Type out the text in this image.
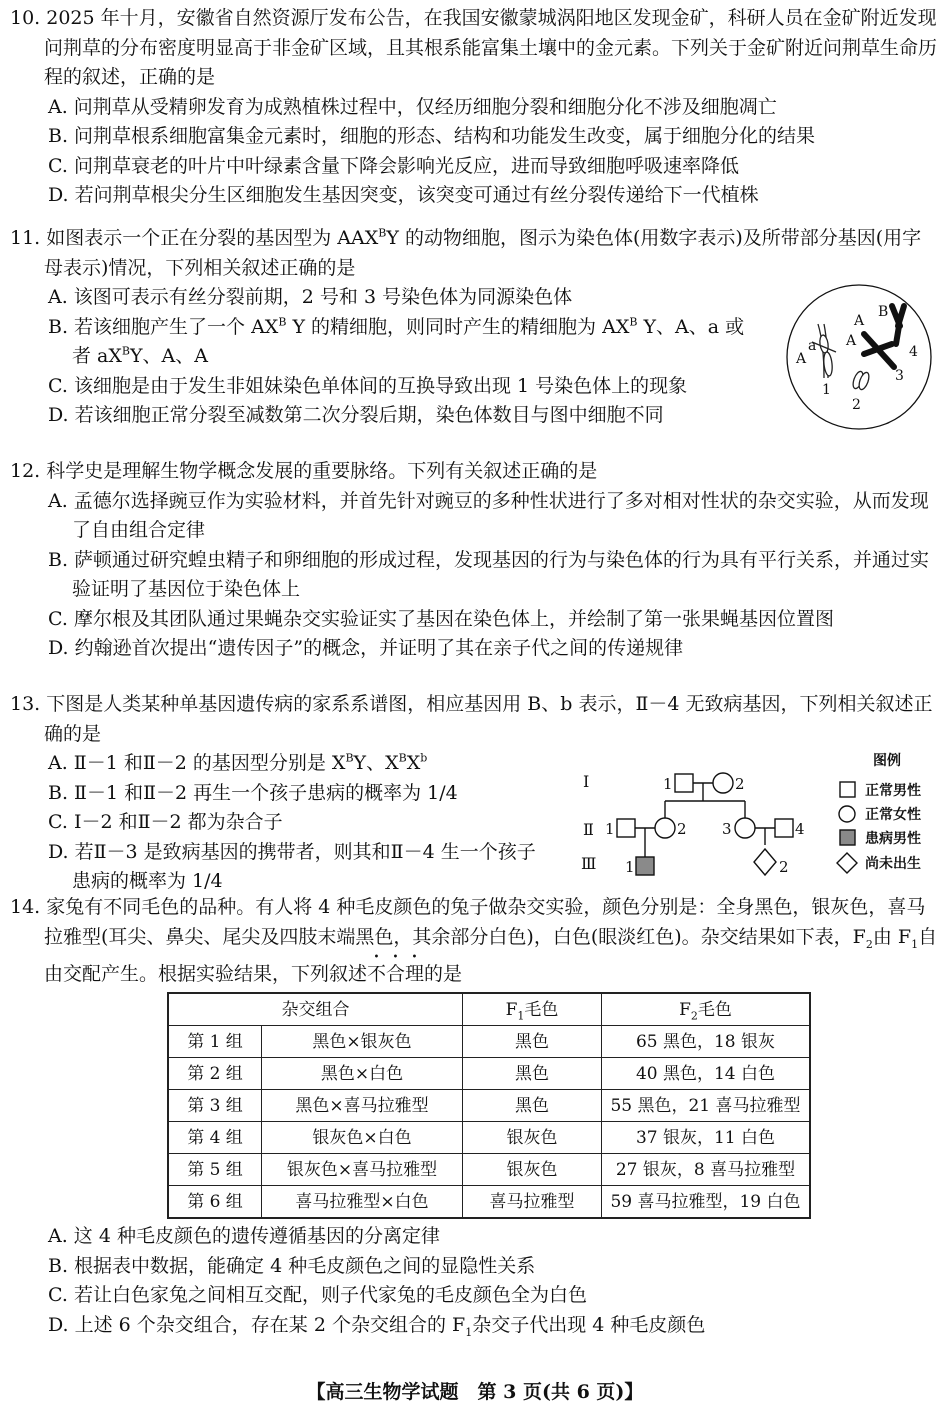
10. 2025 年十月，安徽省自然资源厅发布公告，在我国安徽蒙城涡阳地区发现金矿，科研人员在金矿附近发现问荆草的分布密度明显高于非金矿区域，且其根系能富集土壤中的金元素。下列关于金矿附近问荆草生命历程的叙述，正确的是

A. 问荆草从受精卵发育为成熟植株过程中，仅经历细胞分裂和细胞分化不涉及细胞凋亡

B. 问荆草根系细胞富集金元素时，细胞的形态、结构和功能发生改变，属于细胞分化的结果

C. 问荆草衰老的叶片中叶绿素含量下降会影响光反应，进而导致细胞呼吸速率降低

D. 若问荆草根尖分生区细胞发生基因突变，该突变可通过有丝分裂传递给下一代植株

11. 如图表示一个正在分裂的基因型为 $AAX^BY$ 的动物细胞，图示为染色体(用数字表示)及所带部分基因(用字母表示)情况，下列相关叙述正确的是

A. 该图可表示有丝分裂前期，2 号和 3 号染色体为同源染色体

B. 若该细胞产生了一个 $AX^B$ Y 的精细胞，则同时产生的精细胞为 $AX^B$ Y、A、a 或者 $aX^BY$、A、A

C. 该细胞是由于发生非姐妹染色单体间的互换导致出现 1 号染色体上的现象

D. 若该细胞正常分裂至减数第二次分裂后期，染色体数目与图中细胞不同

A
a
A
B
A
1
2
3
4

12. 科学史是理解生物学概念发展的重要脉络。下列有关叙述正确的是

A. 孟德尔选择豌豆作为实验材料，并首先针对豌豆的多种性状进行了多对相对性状的杂交实验，从而发现了自由组合定律

B. 萨顿通过研究蝗虫精子和卵细胞的形成过程，发现基因的行为与染色体的行为具有平行关系，并通过实验证明了基因位于染色体上

C. 摩尔根及其团队通过果蝇杂交实验证实了基因在染色体上，并绘制了第一张果蝇基因位置图

D. 约翰逊首次提出“遗传因子”的概念，并证明了其在亲子代之间的传递规律

13. 下图是人类某种单基因遗传病的家系系谱图，相应基因用 B、b 表示，Ⅱ－4 无致病基因，下列相关叙述正确的是

A. Ⅱ－1 和Ⅱ－2 的基因型分别是 $X^BY$、$X^BX^b$

B. Ⅱ－1 和Ⅱ－2 再生一个孩子患病的概率为 1/4

C. Ⅰ－2 和Ⅱ－2 都为杂合子

D. 若Ⅱ－3 是致病基因的携带者，则其和Ⅱ－4 生一个孩子患病的概率为 1/4

Ⅰ
Ⅱ
Ⅲ
1	2
1	2 3	4
1	2
图例
正常男性
正常女性
患病男性
尚未出生

14. 家兔有不同毛色的品种。有人将 4 种毛皮颜色的兔子做杂交实验，颜色分别是：全身黑色，银灰色，喜马拉雅型(耳尖、鼻尖、尾尖及四肢末端黑色，其余部分白色)，白色(眼淡红色)。杂交结果如下表，$F_2$由 $F_1$自由交配产生。根据实验结果，下列叙述不合理的是

杂交组合		$F_1$毛色	$F_2$毛色
第 1 组	黑色×银灰色	黑色	65 黑色，18 银灰
第 2 组	黑色×白色	黑色	40 黑色，14 白色
第 3 组	黑色×喜马拉雅型	黑色	55 黑色，21 喜马拉雅型
第 4 组	银灰色×白色	银灰色	37 银灰，11 白色
第 5 组	银灰色×喜马拉雅型	银灰色	27 银灰，8 喜马拉雅型
第 6 组	喜马拉雅型×白色	喜马拉雅型	59 喜马拉雅型，19 白色

A. 这 4 种毛皮颜色的遗传遵循基因的分离定律

B. 根据表中数据，能确定 4 种毛皮颜色之间的显隐性关系

C. 若让白色家兔之间相互交配，则子代家兔的毛皮颜色全为白色

D. 上述 6 个杂交组合，存在某 2 个杂交组合的 $F_1$杂交子代出现 4 种毛皮颜色

【高三生物学试题　第 3 页(共 6 页)】
